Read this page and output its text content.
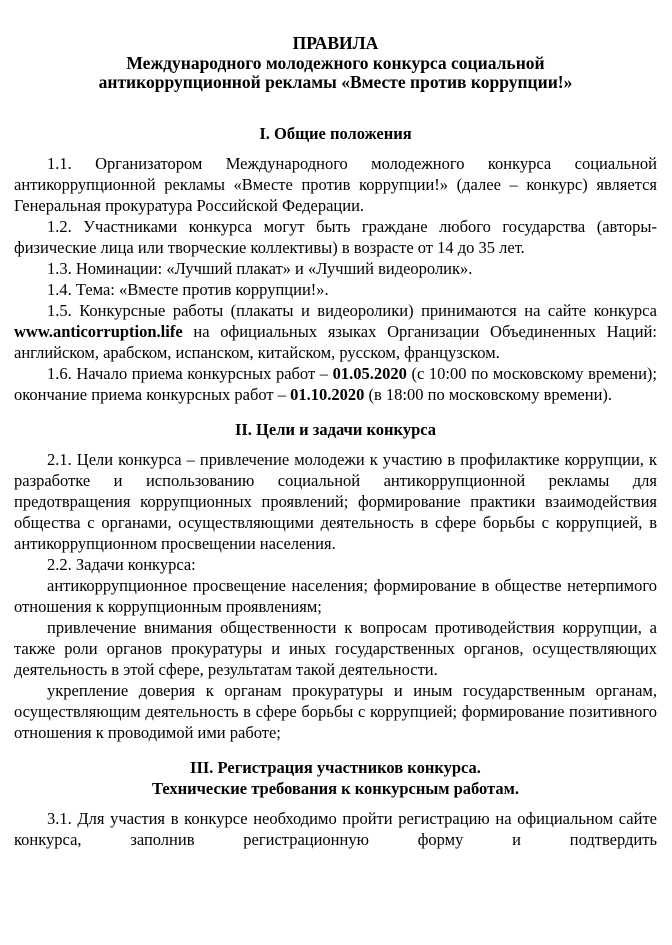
ПРАВИЛА
Международного молодежного конкурса социальной
антикоррупционной рекламы «Вместе против коррупции!»
I. Общие положения

1.1. Организатором Международного молодежного конкурса социальной антикоррупционной рекламы «Вместе против коррупции!» (далее – конкурс) является Генеральная прокуратура Российской Федерации.

1.2. Участниками конкурса могут быть граждане любого государства (авторы-физические лица или творческие коллективы) в возрасте от 14 до 35 лет.

1.3. Номинации: «Лучший плакат» и «Лучший видеоролик».

1.4. Тема: «Вместе против коррупции!».

1.5. Конкурсные работы (плакаты и видеоролики) принимаются на сайте конкурса www.anticorruption.life на официальных языках Организации Объединенных Наций: английском, арабском, испанском, китайском, русском, французском.

1.6. Начало приема конкурсных работ – 01.05.2020 (с 10:00 по московскому времени); окончание приема конкурсных работ – 01.10.2020 (в 18:00 по московскому времени).

II. Цели и задачи конкурса

2.1. Цели конкурса – привлечение молодежи к участию в профилактике коррупции, к разработке и использованию социальной антикоррупционной рекламы для предотвращения коррупционных проявлений; формирование практики взаимодействия общества с органами, осуществляющими деятельность в сфере борьбы с коррупцией, в антикоррупционном просвещении населения.

2.2. Задачи конкурса:

антикоррупционное просвещение населения; формирование в обществе нетерпимого отношения к коррупционным проявлениям;

привлечение внимания общественности к вопросам противодействия коррупции, а также роли органов прокуратуры и иных государственных органов, осуществляющих деятельность в этой сфере, результатам такой деятельности.

укрепление доверия к органам прокуратуры и иным государственным органам, осуществляющим деятельность в сфере борьбы с коррупцией; формирование позитивного отношения к проводимой ими работе;

III. Регистрация участников конкурса.
Технические требования к конкурсным работам.

3.1. Для участия в конкурсе необходимо пройти регистрацию на официальном сайте конкурса, заполнив регистрационную форму и подтвердить
